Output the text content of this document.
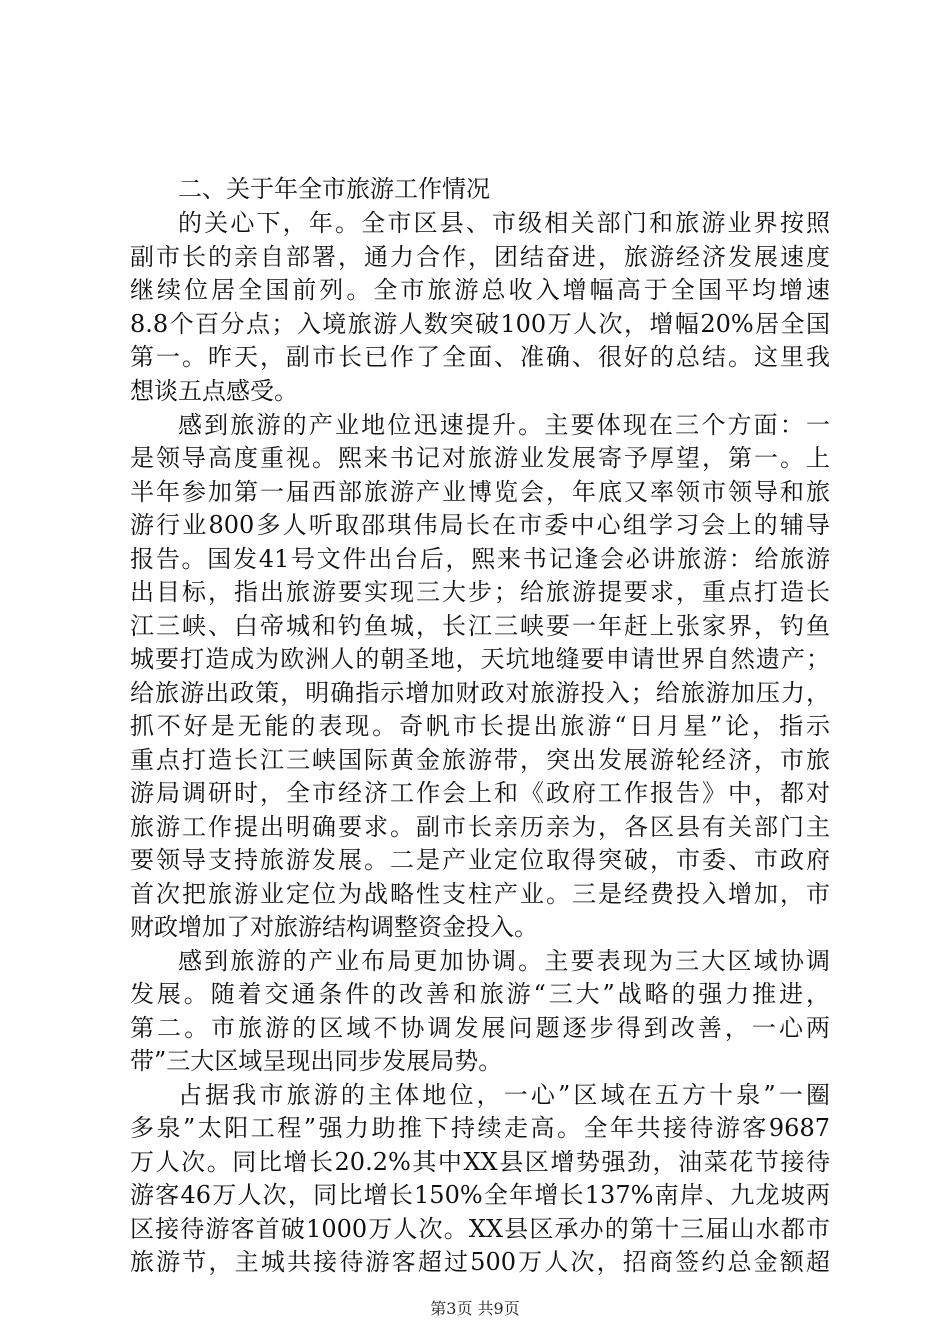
二、关于年全市旅游工作情况
的关心下，年。全市区县、市级相关部门和旅游业界按照
副市长的亲自部署，通力合作，团结奋进，旅游经济发展速度
继续位居全国前列。全市旅游总收入增幅高于全国平均增速
8.8个百分点；入境旅游人数突破100万人次，增幅20%居全国
第一。昨天，副市长已作了全面、准确、很好的总结。这里我
想谈五点感受。
感到旅游的产业地位迅速提升。主要体现在三个方面：一
是领导高度重视。熙来书记对旅游业发展寄予厚望，第一。上
半年参加第一届西部旅游产业博览会，年底又率领市领导和旅
游行业800多人听取邵琪伟局长在市委中心组学习会上的辅导
报告。国发41号文件出台后，熙来书记逢会必讲旅游：给旅游
出目标，指出旅游要实现三大步；给旅游提要求，重点打造长
江三峡、白帝城和钓鱼城，长江三峡要一年赶上张家界，钓鱼
城要打造成为欧洲人的朝圣地，天坑地缝要申请世界自然遗产；
给旅游出政策，明确指示增加财政对旅游投入；给旅游加压力，
抓不好是无能的表现。奇帆市长提出旅游“日月星”论，指示
重点打造长江三峡国际黄金旅游带，突出发展游轮经济，市旅
游局调研时，全市经济工作会上和《政府工作报告》中，都对
旅游工作提出明确要求。副市长亲历亲为，各区县有关部门主
要领导支持旅游发展。二是产业定位取得突破，市委、市政府
首次把旅游业定位为战略性支柱产业。三是经费投入增加，市
财政增加了对旅游结构调整资金投入。
感到旅游的产业布局更加协调。主要表现为三大区域协调
发展。随着交通条件的改善和旅游“三大”战略的强力推进，
第二。市旅游的区域不协调发展问题逐步得到改善，一心两
带”三大区域呈现出同步发展局势。
占据我市旅游的主体地位，一心”区域在五方十泉”一圈
多泉”太阳工程”强力助推下持续走高。全年共接待游客9687
万人次。同比增长20.2%其中XX县区增势强劲，油菜花节接待
游客46万人次，同比增长150%全年增长137%南岸、九龙坡两
区接待游客首破1000万人次。XX县区承办的第十三届山水都市
旅游节，主城共接待游客超过500万人次，招商签约总金额超
第3页 共9页
